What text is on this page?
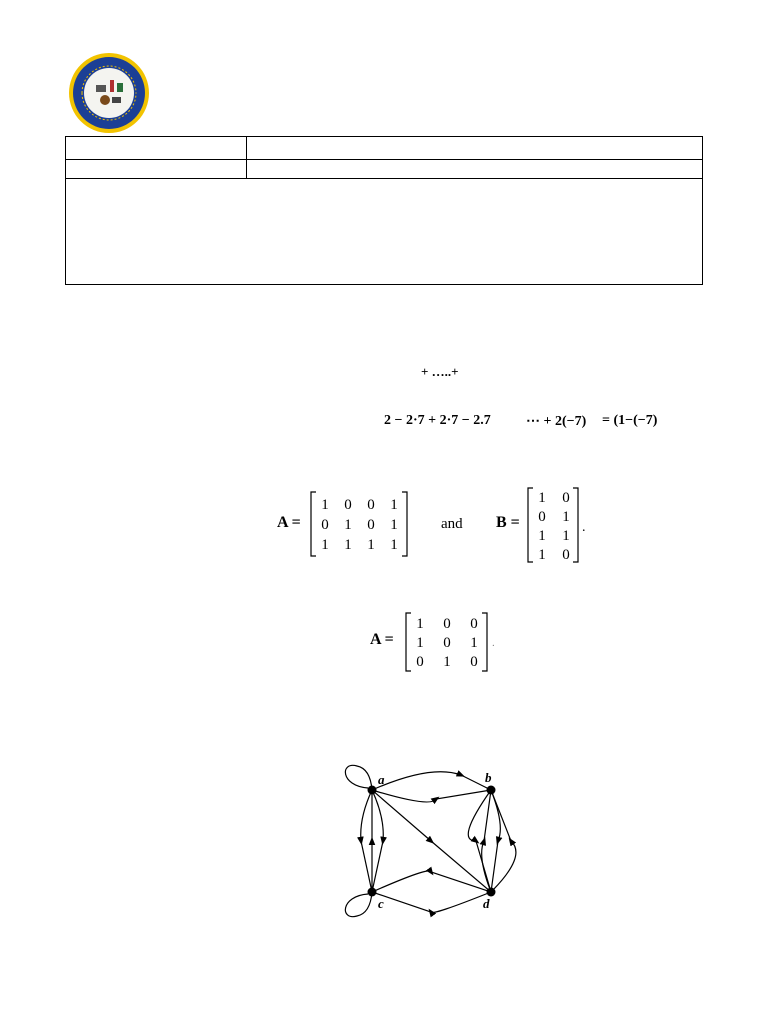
+ …..+
2 − 2·7 + 2·7 − 2.7	⋯ + 2(−7) = (1−(−7)
A =
1 0 0 1
0 1 0 1
1 1 1 1
and B =
1 0
0 1
1 1
1 0
.
A =
1 0 0
1 0 1
0 1 0
.
a	b
c	d
